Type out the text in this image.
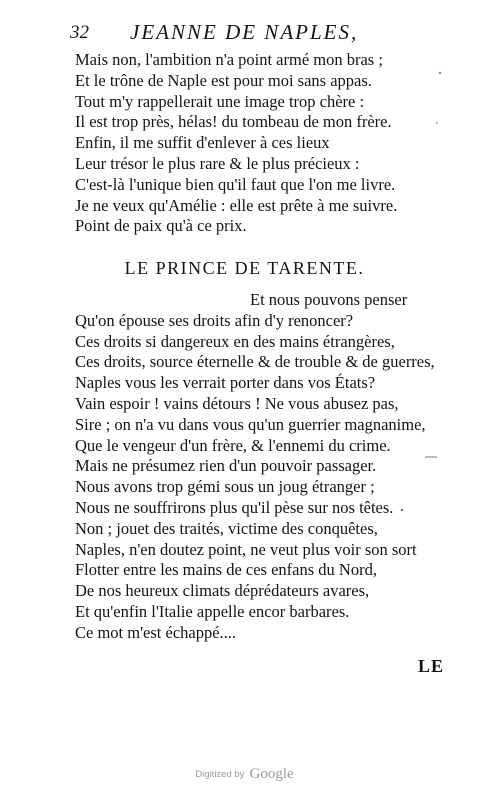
32 JEANNE DE NAPLES,
Mais non, l'ambition n'a point armé mon bras ;
Et le trône de Naple est pour moi sans appas.
Tout m'y rappellerait une image trop chère :
Il est trop près, hélas! du tombeau de mon frère.
Enfin, il me suffit d'enlever à ces lieux
Leur trésor le plus rare & le plus précieux :
C'est-là l'unique bien qu'il faut que l'on me livre.
Je ne veux qu'Amélie : elle est prête à me suivre.
Point de paix qu'à ce prix.
LE PRINCE DE TARENTE.
Et nous pouvons penser
Qu'on épouse ses droits afin d'y renoncer?
Ces droits si dangereux en des mains étrangères,
Ces droits, source éternelle & de trouble & de guerres,
Naples vous les verrait porter dans vos États?
Vain espoir ! vains détours ! Ne vous abusez pas,
Sire ; on n'a vu dans vous qu'un guerrier magnanime,
Que le vengeur d'un frère, & l'ennemi du crime.
Mais ne présumez rien d'un pouvoir passager.
Nous avons trop gémi sous un joug étranger ;
Nous ne souffrirons plus qu'il pèse sur nos têtes.
Non ; jouet des traités, victime des conquêtes,
Naples, n'en doutez point, ne veut plus voir son sort
Flotter entre les mains de ces enfans du Nord,
De nos heureux climats déprédateurs avares,
Et qu'enfin l'Italie appelle encor barbares.
Ce mot m'est échappé....
LE
Digitized by Google
